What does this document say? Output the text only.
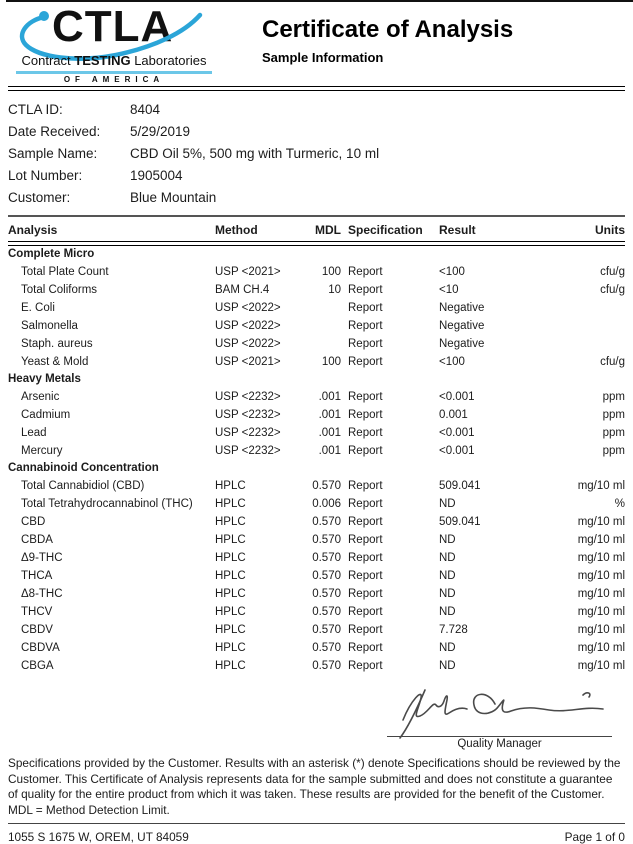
CTLA
Contract TESTING Laboratories
OF AMERICA
Certificate of Analysis
Sample Information
CTLA ID:	8404
Date Received:	5/29/2019
Sample Name:	CBD Oil 5%, 500 mg with Turmeric, 10 ml
Lot Number:	1905004
Customer:	Blue Mountain
Analysis	Method	MDL Specification	Result	Units
Complete Micro
Total Plate Count	USP <2021>	100 Report	<100	cfu/g
Total Coliforms	BAM CH.4	10 Report	<10	cfu/g
E. Coli	USP <2022>	Report	Negative
Salmonella	USP <2022>	Report	Negative
Staph. aureus	USP <2022>	Report	Negative
Yeast & Mold	USP <2021>	100 Report	<100	cfu/g
Heavy Metals
Arsenic	USP <2232>	.001 Report	<0.001	ppm
Cadmium	USP <2232>	.001 Report	0.001	ppm
Lead	USP <2232>	.001 Report	<0.001	ppm
Mercury	USP <2232>	.001 Report	<0.001	ppm
Cannabinoid Concentration
Total Cannabidiol (CBD)	HPLC	0.570 Report	509.041	mg/10 ml
Total Tetrahydrocannabinol (THC)	HPLC	0.006 Report	ND	%
CBD	HPLC	0.570 Report	509.041	mg/10 ml
CBDA	HPLC	0.570 Report	ND	mg/10 ml
Δ9-THC	HPLC	0.570 Report	ND	mg/10 ml
THCA	HPLC	0.570 Report	ND	mg/10 ml
Δ8-THC	HPLC	0.570 Report	ND	mg/10 ml
THCV	HPLC	0.570 Report	ND	mg/10 ml
CBDV	HPLC	0.570 Report	7.728	mg/10 ml
CBDVA	HPLC	0.570 Report	ND	mg/10 ml
CBGA	HPLC	0.570 Report	ND	mg/10 ml
Quality Manager
Specifications provided by the Customer. Results with an asterisk (*) denote Specifications should be reviewed by the Customer. This Certificate of Analysis represents data for the sample submitted and does not constitute a guarantee of quality for the entire product from which it was taken. These results are provided for the benefit of the Customer. MDL = Method Detection Limit.
1055 S 1675 W, OREM, UT 84059	Page 1 of 0
